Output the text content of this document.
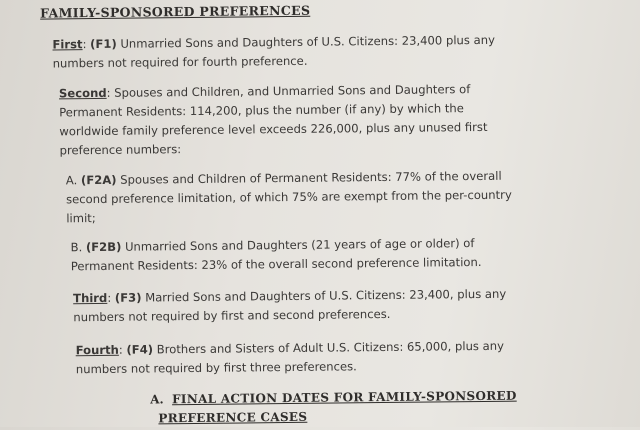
FAMILY-SPONSORED PREFERENCES
First: (F1) Unmarried Sons and Daughters of U.S. Citizens: 23,400 plus any
numbers not required for fourth preference.
Second: Spouses and Children, and Unmarried Sons and Daughters of
Permanent Residents: 114,200, plus the number (if any) by which the
worldwide family preference level exceeds 226,000, plus any unused first
preference numbers:
A. (F2A) Spouses and Children of Permanent Residents: 77% of the overall
second preference limitation, of which 75% are exempt from the per-country
limit;
B. (F2B) Unmarried Sons and Daughters (21 years of age or older) of
Permanent Residents: 23% of the overall second preference limitation.
Third: (F3) Married Sons and Daughters of U.S. Citizens: 23,400, plus any
numbers not required by first and second preferences.
Fourth: (F4) Brothers and Sisters of Adult U.S. Citizens: 65,000, plus any
numbers not required by first three preferences.
A. FINAL ACTION DATES FOR FAMILY-SPONSORED
PREFERENCE CASES
